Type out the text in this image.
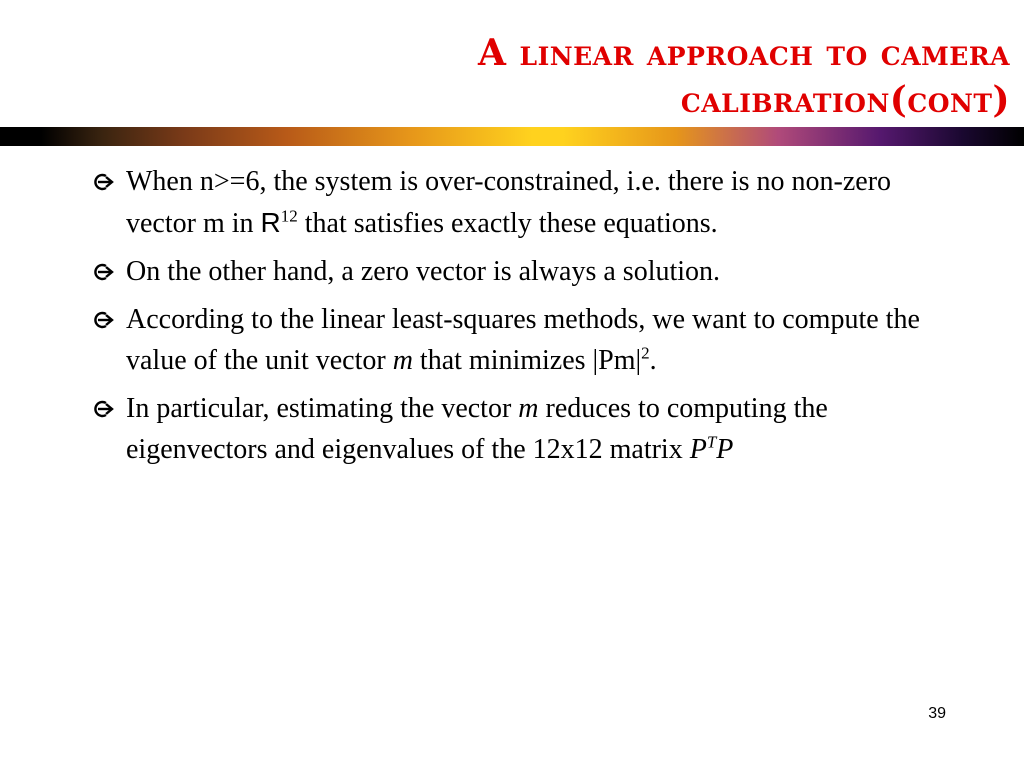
A linear approach to camera
calibration(cont)
When n>=6, the system is over-constrained, i.e. there is no non-zero vector m in $R^{12}$ that satisfies exactly these equations.
On the other hand, a zero vector is always a solution.
According to the linear least-squares methods, we want to compute the value of the unit vector m that minimizes $|Pm|^2$.
In particular, estimating the vector m reduces to computing the eigenvectors and eigenvalues of the 12x12 matrix $P^TP$
39
